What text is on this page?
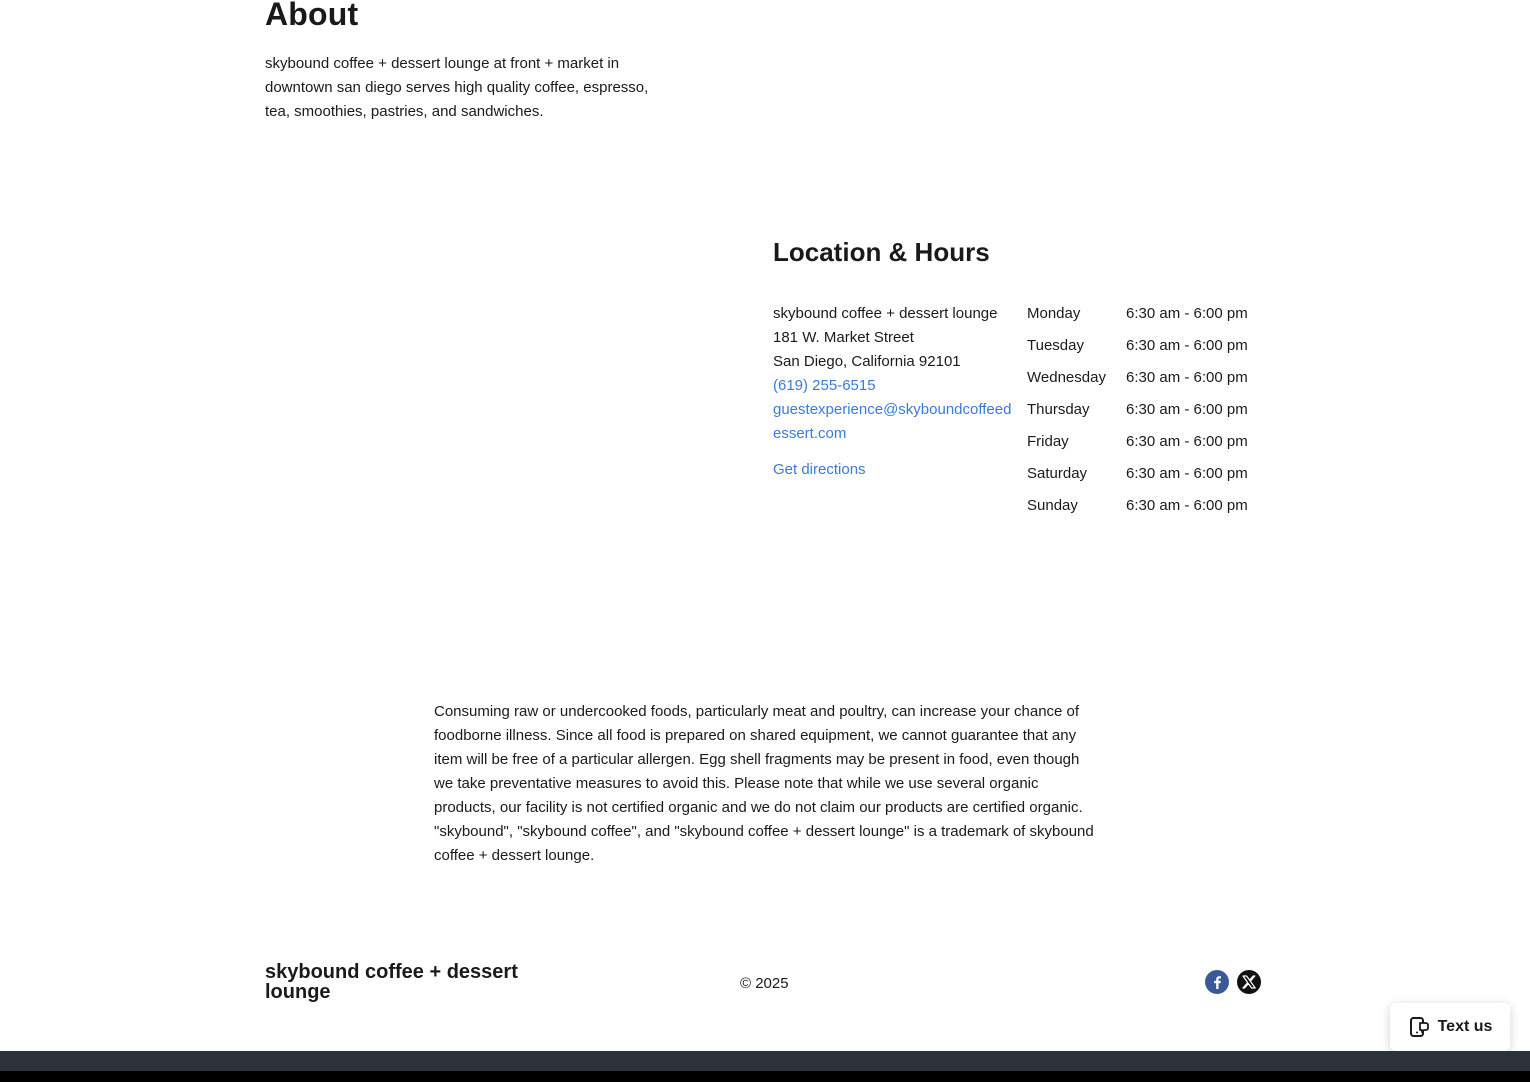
About

skybound coffee + dessert lounge at front + market in downtown san diego serves high quality coffee, espresso, tea, smoothies, pastries, and sandwiches.

Location & Hours
skybound coffee + dessert lounge
181 W. Market Street
San Diego, California 92101
(619) 255-6515
guestexperience@skyboundcoffeedessert.com
Get directions
Monday	6:30 am - 6:00 pm
Tuesday	6:30 am - 6:00 pm
Wednesday	6:30 am - 6:00 pm
Thursday	6:30 am - 6:00 pm
Friday	6:30 am - 6:00 pm
Saturday	6:30 am - 6:00 pm
Sunday	6:30 am - 6:00 pm

Consuming raw or undercooked foods, particularly meat and poultry, can increase your chance of foodborne illness. Since all food is prepared on shared equipment, we cannot guarantee that any item will be free of a particular allergen. Egg shell fragments may be present in food, even though we take preventative measures to avoid this. Please note that while we use several organic products, our facility is not certified organic and we do not claim our products are certified organic. "skybound", "skybound coffee", and "skybound coffee + dessert lounge" is a trademark of skybound coffee + dessert lounge.

skybound coffee + dessert lounge	© 2025
Text us
